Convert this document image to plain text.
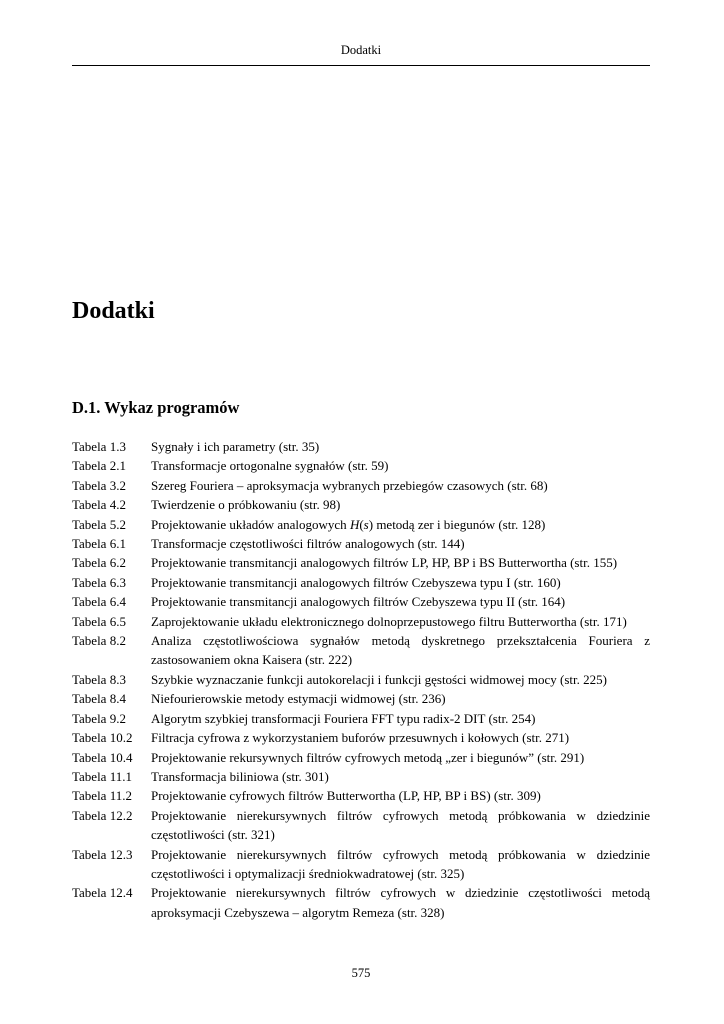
Dodatki
Dodatki
D.1. Wykaz programów
Tabela 1.3	Sygnały i ich parametry (str. 35)
Tabela 2.1	Transformacje ortogonalne sygnałów (str. 59)
Tabela 3.2	Szereg Fouriera – aproksymacja wybranych przebiegów czasowych (str. 68)
Tabela 4.2	Twierdzenie o próbkowaniu (str. 98)
Tabela 5.2	Projektowanie układów analogowych H(s) metodą zer i biegunów (str. 128)
Tabela 6.1	Transformacje częstotliwości filtrów analogowych (str. 144)
Tabela 6.2	Projektowanie transmitancji analogowych filtrów LP, HP, BP i BS Butterwortha (str. 155)
Tabela 6.3	Projektowanie transmitancji analogowych filtrów Czebyszewa typu I (str. 160)
Tabela 6.4	Projektowanie transmitancji analogowych filtrów Czebyszewa typu II (str. 164)
Tabela 6.5	Zaprojektowanie układu elektronicznego dolnoprzepustowego filtru Butterwortha (str. 171)
Tabela 8.2	Analiza częstotliwościowa sygnałów metodą dyskretnego przekształcenia Fouriera z zastosowaniem okna Kaisera (str. 222)
Tabela 8.3	Szybkie wyznaczanie funkcji autokorelacji i funkcji gęstości widmowej mocy (str. 225)
Tabela 8.4	Niefourierowskie metody estymacji widmowej (str. 236)
Tabela 9.2	Algorytm szybkiej transformacji Fouriera FFT typu radix-2 DIT (str. 254)
Tabela 10.2	Filtracja cyfrowa z wykorzystaniem buforów przesuwnych i kołowych (str. 271)
Tabela 10.4	Projektowanie rekursywnych filtrów cyfrowych metodą „zer i biegunów” (str. 291)
Tabela 11.1	Transformacja biliniowa (str. 301)
Tabela 11.2	Projektowanie cyfrowych filtrów Butterwortha (LP, HP, BP i BS) (str. 309)
Tabela 12.2	Projektowanie nierekursywnych filtrów cyfrowych metodą próbkowania w dziedzinie częstotliwości (str. 321)
Tabela 12.3	Projektowanie nierekursywnych filtrów cyfrowych metodą próbkowania w dziedzinie częstotliwości i optymalizacji średniokwadratowej (str. 325)
Tabela 12.4	Projektowanie nierekursywnych filtrów cyfrowych w dziedzinie częstotliwości metodą aproksymacji Czebyszewa – algorytm Remeza (str. 328)
575
